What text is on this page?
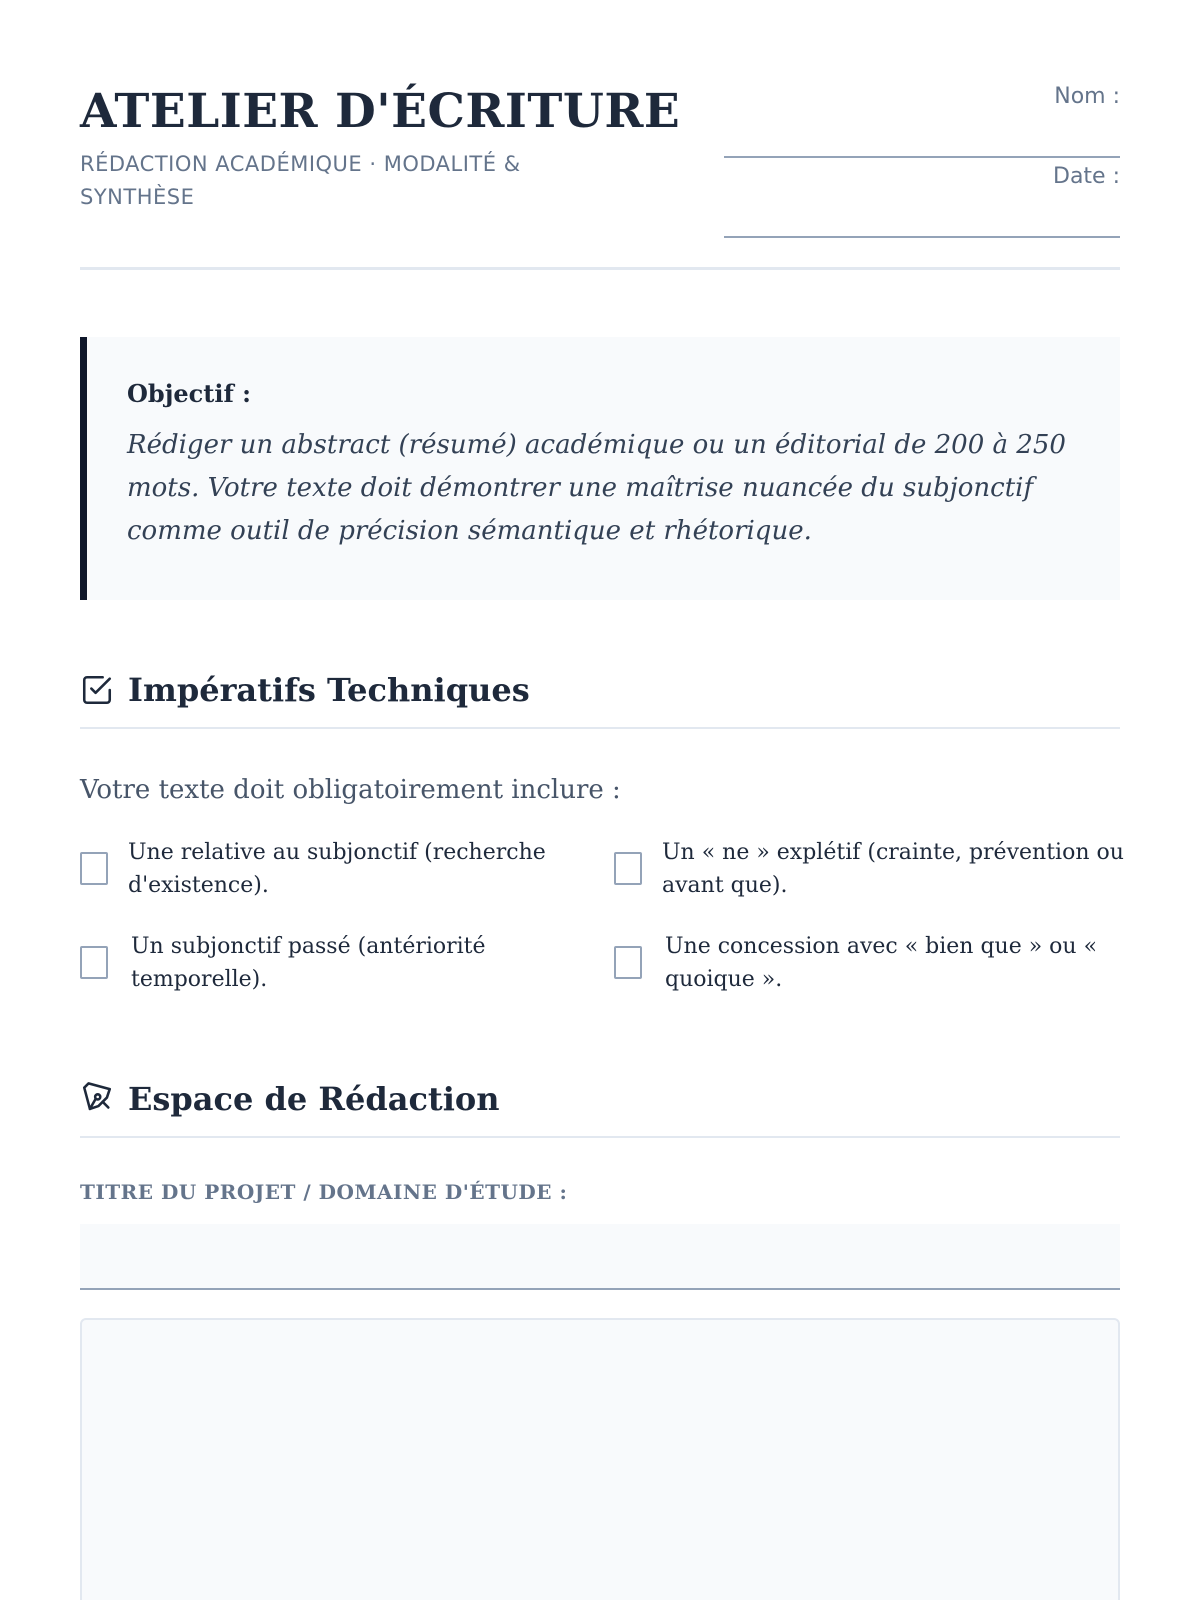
ATELIER D'ÉCRITURE
RÉDACTION ACADÉMIQUE · MODALITÉ & SYNTHÈSE
Nom :
Date :
Objectif :
Rédiger un abstract (résumé) académique ou un éditorial de 200 à 250 mots. Votre texte doit démontrer une maîtrise nuancée du subjonctif comme outil de précision sémantique et rhétorique.
Impératifs Techniques
Votre texte doit obligatoirement inclure :
Une relative au subjonctif (recherche d'existence).
Un « ne » explétif (crainte, prévention ou avant que).
Un subjonctif passé (antériorité temporelle).
Une concession avec « bien que » ou « quoique ».
Espace de Rédaction
TITRE DU PROJET / DOMAINE D'ÉTUDE :
